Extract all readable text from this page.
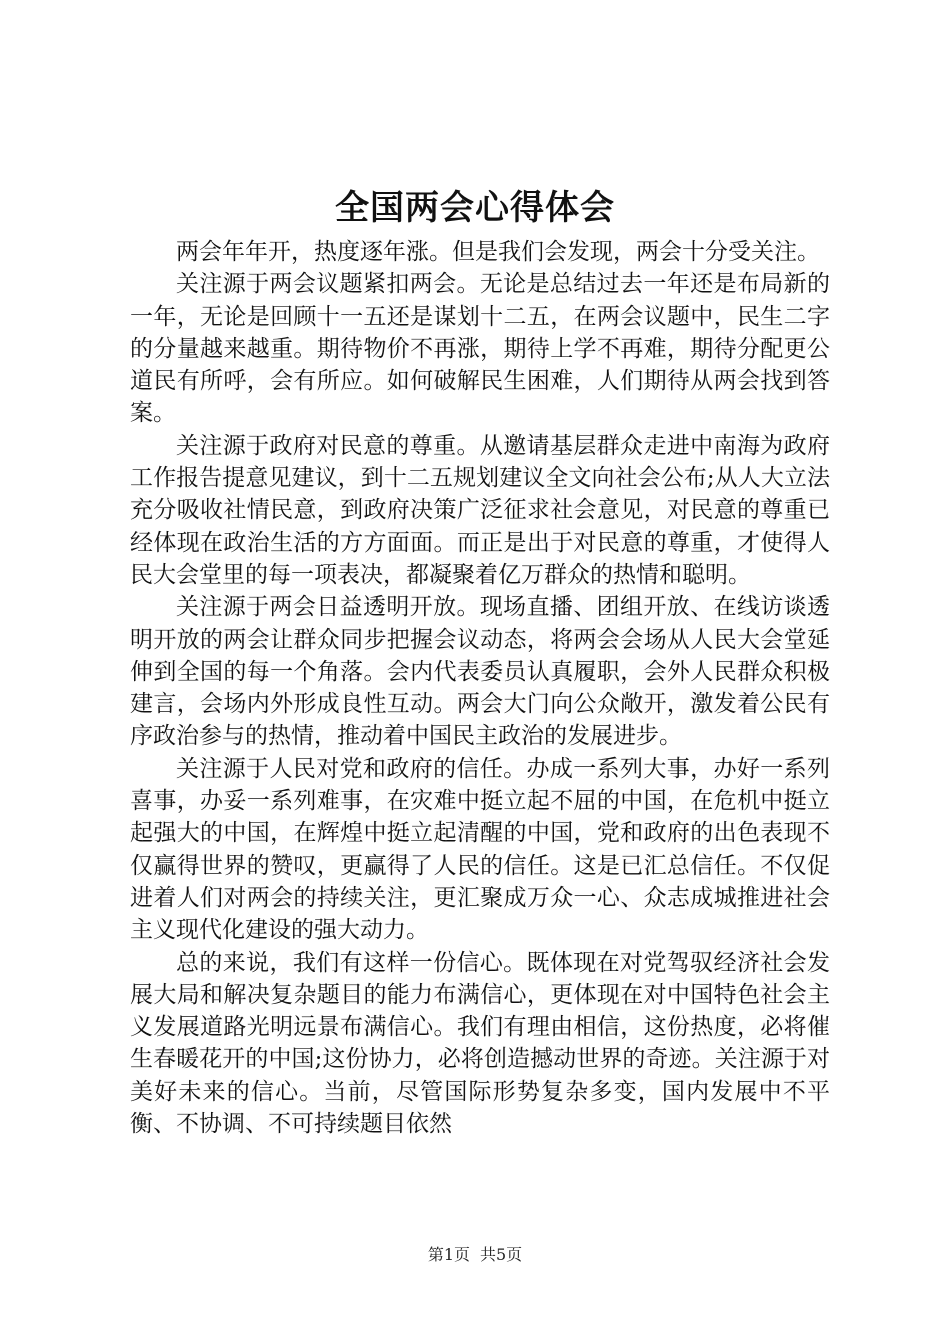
全国两会心得体会

两会年年开，热度逐年涨。但是我们会发现，两会十分受关注。

关注源于两会议题紧扣两会。无论是总结过去一年还是布局新的一年，无论是回顾十一五还是谋划十二五，在两会议题中，民生二字的分量越来越重。期待物价不再涨，期待上学不再难，期待分配更公道民有所呼，会有所应。如何破解民生困难，人们期待从两会找到答案。

关注源于政府对民意的尊重。从邀请基层群众走进中南海为政府工作报告提意见建议，到十二五规划建议全文向社会公布;从人大立法充分吸收社情民意，到政府决策广泛征求社会意见，对民意的尊重已经体现在政治生活的方方面面。而正是出于对民意的尊重，才使得人民大会堂里的每一项表决，都凝聚着亿万群众的热情和聪明。

关注源于两会日益透明开放。现场直播、团组开放、在线访谈透明开放的两会让群众同步把握会议动态，将两会会场从人民大会堂延伸到全国的每一个角落。会内代表委员认真履职，会外人民群众积极建言，会场内外形成良性互动。两会大门向公众敞开，激发着公民有序政治参与的热情，推动着中国民主政治的发展进步。

关注源于人民对党和政府的信任。办成一系列大事，办好一系列喜事，办妥一系列难事，在灾难中挺立起不屈的中国，在危机中挺立起强大的中国，在辉煌中挺立起清醒的中国，党和政府的出色表现不仅赢得世界的赞叹，更赢得了人民的信任。这是已汇总信任。不仅促进着人们对两会的持续关注，更汇聚成万众一心、众志成城推进社会主义现代化建设的强大动力。

总的来说，我们有这样一份信心。既体现在对党驾驭经济社会发展大局和解决复杂题目的能力布满信心，更体现在对中国特色社会主义发展道路光明远景布满信心。我们有理由相信，这份热度，必将催生春暖花开的中国;这份协力，必将创造撼动世界的奇迹。关注源于对美好未来的信心。当前，尽管国际形势复杂多变，国内发展中不平衡、不协调、不可持续题目依然

第1页 共5页
